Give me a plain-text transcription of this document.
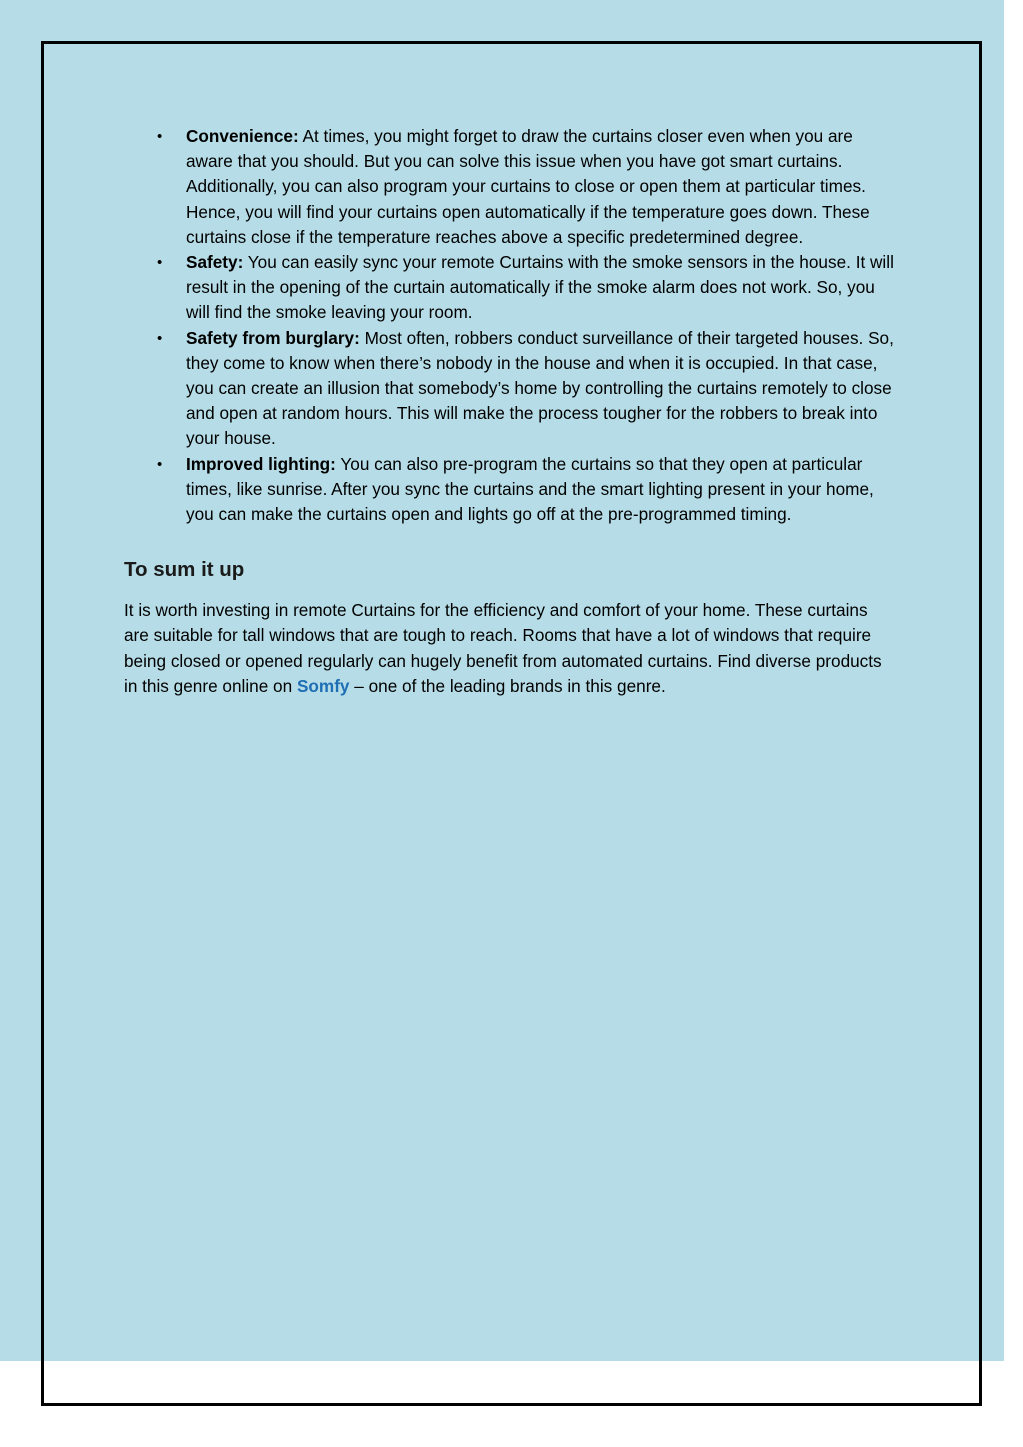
• Convenience: At times, you might forget to draw the curtains closer even when you are aware that you should. But you can solve this issue when you have got smart curtains. Additionally, you can also program your curtains to close or open them at particular times. Hence, you will find your curtains open automatically if the temperature goes down. These curtains close if the temperature reaches above a specific predetermined degree.
• Safety: You can easily sync your remote Curtains with the smoke sensors in the house. It will result in the opening of the curtain automatically if the smoke alarm does not work. So, you will find the smoke leaving your room.
• Safety from burglary: Most often, robbers conduct surveillance of their targeted houses. So, they come to know when there’s nobody in the house and when it is occupied. In that case, you can create an illusion that somebody’s home by controlling the curtains remotely to close and open at random hours. This will make the process tougher for the robbers to break into your house.
• Improved lighting: You can also pre-program the curtains so that they open at particular times, like sunrise. After you sync the curtains and the smart lighting present in your home, you can make the curtains open and lights go off at the pre-programmed timing.
To sum it up

It is worth investing in remote Curtains for the efficiency and comfort of your home. These curtains are suitable for tall windows that are tough to reach. Rooms that have a lot of windows that require being closed or opened regularly can hugely benefit from automated curtains. Find diverse products in this genre online on Somfy – one of the leading brands in this genre.
